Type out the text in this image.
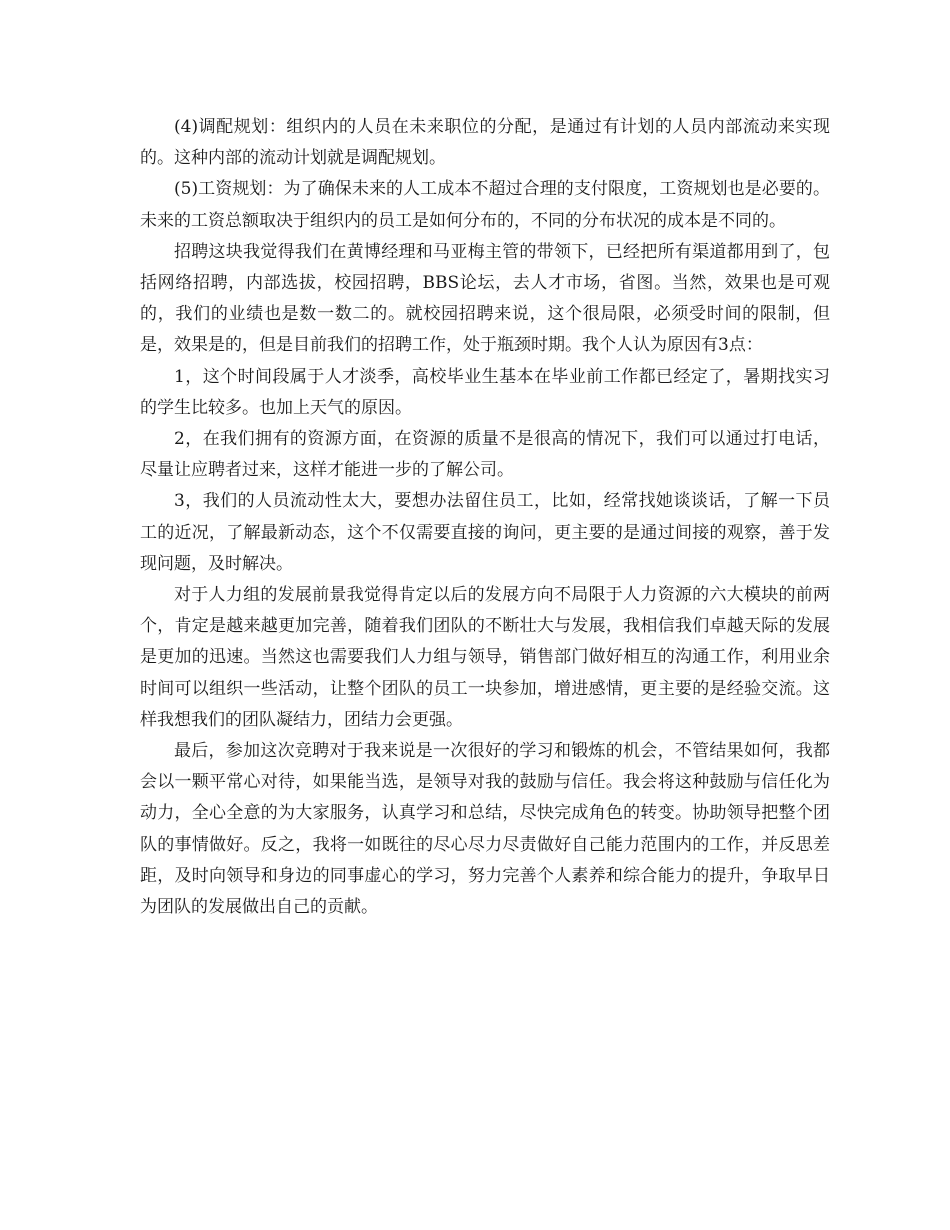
(4)调配规划：组织内的人员在未来职位的分配，是通过有计划的人员内部流动来实现的。这种内部的流动计划就是调配规划。

(5)工资规划：为了确保未来的人工成本不超过合理的支付限度，工资规划也是必要的。未来的工资总额取决于组织内的员工是如何分布的，不同的分布状况的成本是不同的。

招聘这块我觉得我们在黄博经理和马亚梅主管的带领下，已经把所有渠道都用到了，包括网络招聘，内部选拔，校园招聘，BBS论坛，去人才市场，省图。当然，效果也是可观的，我们的业绩也是数一数二的。就校园招聘来说，这个很局限，必须受时间的限制，但是，效果是的，但是目前我们的招聘工作，处于瓶颈时期。我个人认为原因有3点：

1，这个时间段属于人才淡季，高校毕业生基本在毕业前工作都已经定了，暑期找实习的学生比较多。也加上天气的原因。

2，在我们拥有的资源方面，在资源的质量不是很高的情况下，我们可以通过打电话，尽量让应聘者过来，这样才能进一步的了解公司。

3，我们的人员流动性太大，要想办法留住员工，比如，经常找她谈谈话，了解一下员工的近况，了解最新动态，这个不仅需要直接的询问，更主要的是通过间接的观察，善于发现问题，及时解决。

对于人力组的发展前景我觉得肯定以后的发展方向不局限于人力资源的六大模块的前两个，肯定是越来越更加完善，随着我们团队的不断壮大与发展，我相信我们卓越天际的发展是更加的迅速。当然这也需要我们人力组与领导，销售部门做好相互的沟通工作，利用业余时间可以组织一些活动，让整个团队的员工一块参加，增进感情，更主要的是经验交流。这样我想我们的团队凝结力，团结力会更强。

最后，参加这次竞聘对于我来说是一次很好的学习和锻炼的机会，不管结果如何，我都会以一颗平常心对待，如果能当选，是领导对我的鼓励与信任。我会将这种鼓励与信任化为动力，全心全意的为大家服务，认真学习和总结，尽快完成角色的转变。协助领导把整个团队的事情做好。反之，我将一如既往的尽心尽力尽责做好自己能力范围内的工作，并反思差距，及时向领导和身边的同事虚心的学习，努力完善个人素养和综合能力的提升，争取早日为团队的发展做出自己的贡献。
